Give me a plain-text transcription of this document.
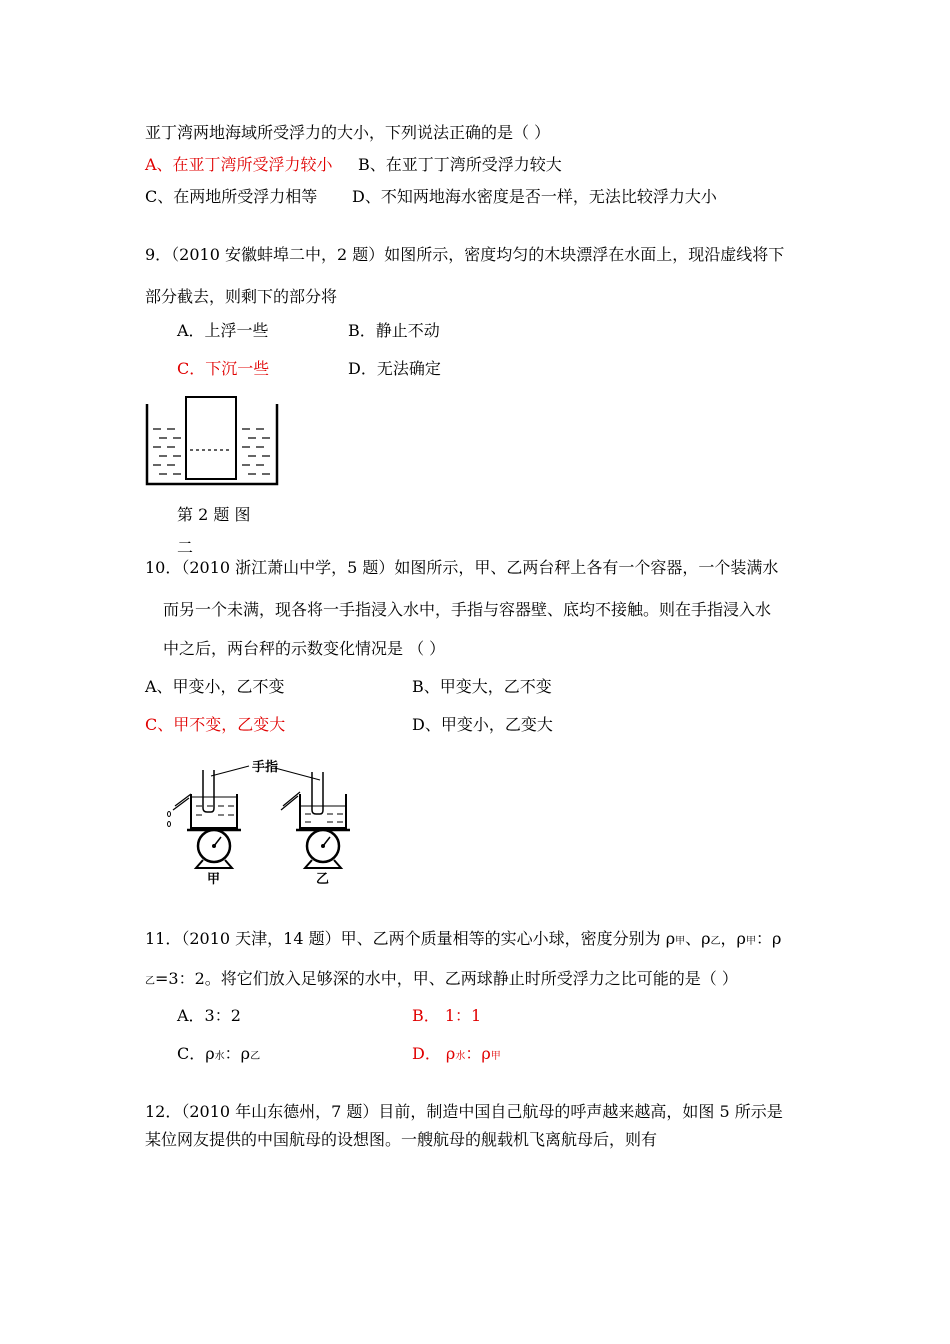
亚丁湾两地海域所受浮力的大小，下列说法正确的是（ ）
A、在亚丁湾所受浮力较小 B、在亚丁丁湾所受浮力较大
C、在两地所受浮力相等 D、不知两地海水密度是否一样，无法比较浮力大小
9．（2010 安徽蚌埠二中，2 题）如图所示，密度均匀的木块漂浮在水面上，现沿虚线将下
部分截去，则剩下的部分将
A．上浮一些	B．静止不动
C．下沉一些	D．无法确定
第 2 题 图
二
10．（2010 浙江萧山中学，5 题）如图所示，甲、乙两台秤上各有一个容器，一个装满水
而另一个未满，现各将一手指浸入水中，手指与容器壁、底均不接触。则在手指浸入水
中之后，两台秤的示数变化情况是 （ ）
A、甲变小，乙不变	B、甲变大，乙不变
C、甲不变，乙变大	D、甲变小，乙变大
手指
甲	乙
11．（2010 天津，14 题）甲、乙两个质量相等的实心小球，密度分别为 ρ甲、ρ乙，ρ甲：ρ
乙=3：2。将它们放入足够深的水中，甲、乙两球静止时所受浮力之比可能的是（ ）
A．3：2	B． 1：1
C．ρ水：ρ乙	D． ρ水：ρ甲
12．（2010 年山东德州，7 题）目前，制造中国自己航母的呼声越来越高，如图 5 所示是
某位网友提供的中国航母的设想图。一艘航母的舰载机飞离航母后，则有
